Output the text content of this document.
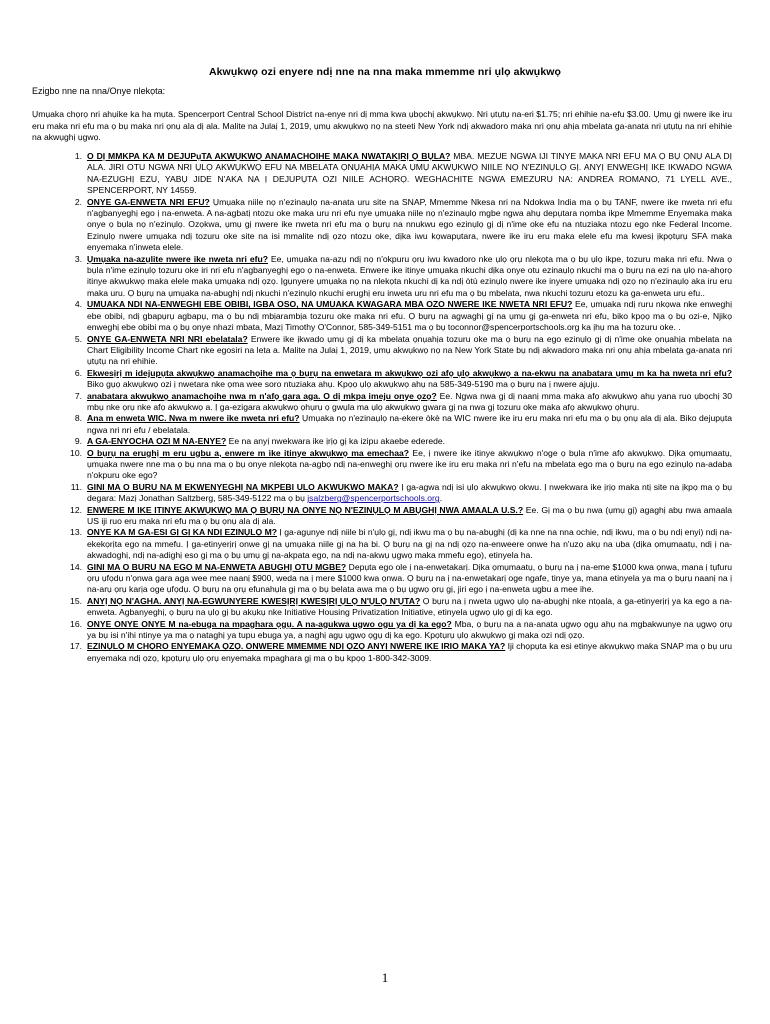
Akwụkwọ ozi enyere ndị nne na nna maka mmemme nri ụlọ akwụkwọ
Ezigbo nne na nna/Onye nlekọta:
Ụmụaka chọrọ nri ahụike ka ha mụta. Spencerport Central School District na-enye nri dị mma kwa ụbọchị akwụkwọ. Nri ụtụtụ na-eri $1.75; nri ehihie na-efu $3.00. Ụmụ gị nwere ike iru eru maka nri efu ma ọ bụ maka nri ọnụ ala dị ala. Malite na Julaị 1, 2019, ụmụ akwụkwọ nọ na steeti New York ndị akwadoro maka nri ọnụ ahịa mbelata ga-anata nri ụtụtụ na nri ehihie na akwụghị ụgwọ.
1. O DỊ MMKPA KA M DEJUPụTA AKWỤKWỌ ANAMACHOIHE MAKA NWATAKỊRỊ Ọ BỤLA? MBA. MEZUE NGWA IJI TINYE MAKA NRI EFU MA Ọ BỤ ỌNỤ ALA DỊ ALA. JIRI OTU NGWA NRI ỤLỌ AKWỤKWỌ EFU NA MBELATA ỌNỤAHỊA MAKA ỤMỤ AKWỤKWỌ NIILE NỌ N'EZINỤLỌ GỊ. ANYỊ ENWEGHỊ IKE IKWADO NGWA NA-EZUGHỊ EZU, YABỤ JIDE N'AKA NA Ị DEJUPỤTA OZI NIILE ACHỌRỌ. WEGHACHITE NGWA EMEZURU NA: ANDREA ROMANO, 71 LYELL AVE., SPENCERPORT, NY 14559.
2. ONYE GA-ENWETA NRI EFU? Ụmụaka niile nọ n'ezinaụlọ na-anata uru site na SNAP, Mmemme Nkesa nri na Ndokwa India ma ọ bụ TANF, nwere ike nweta nri efu n'agbanyeghị ego ị na-enweta. A na-agbatị ntozu oke maka uru nri efu nye ụmụaka niile nọ n'ezinaụlọ mgbe ngwa ahụ depụtara nọmba ikpe Mmemme Enyemaka maka onye ọ bụla nọ n'ezinụlọ. Ozọkwa, ụmụ gị nwere ike nweta nri efu ma ọ bụrụ na nnukwu ego ezinụlọ gị dị n'ime oke efu na ntuziaka ntozu ego nke Federal Income. Ezinụlọ nwere ụmụaka ndị tozuru oke site na isi mmalite ndị ọzọ ntozu oke, dịka iwu kọwapụtara, nwere ike iru eru maka elele efu ma kwesị ịkpọtụrụ SFA maka enyemaka n'inweta elele.
3. Ụmụaka na-azụlite nwere ike nweta nri efu? Ee, ụmụaka na-azụ ndị nọ n'okpuru ọrụ iwu kwadoro nke ụlọ ọrụ nlekọta ma ọ bụ ụlọ ikpe, tozuru maka nri efu. Nwa ọ bụla n'ime ezinụlọ tozuru oke iri nri efu n'agbanyeghị ego ọ na-enweta. Enwere ike itinye ụmụaka nkuchi dịka onye otu ezinaụlọ nkuchi ma ọ bụrụ na ezi na ụlọ na-ahọrọ itinye akwụkwọ maka elele maka ụmụaka ndị ọzọ. Ịgụnyere ụmụaka nọ na nlekọta nkuchi dị ka ndị òtù ezinụlọ nwere ike inyere ụmụaka ndị ọzọ nọ n'ezinaụlọ aka iru eru maka uru. Ọ bụrụ na ụmụaka na-abughị ndị nkuchi n'ezinụlọ nkuchi erughị eru inweta uru nri efu ma ọ bụ mbelata, nwa nkuchi tozuru etozu ka ga-enweta uru efu..
4. UMUAKA NDI NA-ENWEGHỊ EBE OBIBI, IGBA OSO, NA UMUAKA KWAGARA MBA OZO NWERE IKE NWETA NRI EFU? Ee, ụmụaka ndị ruru nkọwa nke enweghị ebe obibi, ndị gbapụrụ agbapụ, ma ọ bụ ndị mbịarambịa tozuru oke maka nri efu. Ọ bụrụ na agwaghị gị na ụmụ gị ga-enweta nri efu, biko kpọọ ma ọ bụ ozi-e, Njikọ enweghị ebe obibi ma ọ bụ onye nhazi mbata, Mazị Timothy O'Connor, 585-349-5151 ma ọ bụ toconnor@spencerportschools.org ka ịhụ ma ha tozuru oke. .
5. ONYE GA-ENWETA NRI NRI ebelatala? Enwere ike ịkwado ụmụ gị dị ka mbelata ọnụahịa tozuru oke ma ọ bụrụ na ego ezinụlọ gị dị n'ime oke ọnụahịa mbelata na Chart Eligibility Income Chart nke egosiri na leta a. Malite na Julaị 1, 2019, ụmụ akwụkwọ nọ na New York State bụ ndị akwadoro maka nri ọnụ ahịa mbelata ga-anata nri ụtụtụ na nri ehihie.
6. Ekwesịrị m idejupụta akwụkwọ anamachọihe ma ọ bụrụ na enwetara m akwụkwọ ozi afọ ụlọ akwụkwọ a na-ekwu na anabatara ụmụ m ka ha nweta nri efu? Biko gụọ akwụkwọ ozi ị nwetara nke ọma wee soro ntuziaka ahụ. Kpọọ ụlọ akwụkwọ ahụ na 585-349-5190 ma ọ bụrụ na ị nwere ajụjụ.
7. anabatara akwụkwọ anamachọihe nwa m n'afọ gara aga. O dị mkpa imeju onye ọzọ? Ee. Ngwa nwa gị dị naanị mma maka afọ akwụkwọ ahụ yana ruo ụbọchị 30 mbụ nke ọrụ nke afọ akwụkwọ a. Ị ga-ezigara akwụkwọ ọhụrụ ọ gwụla ma ụlọ akwụkwọ gwara gị na nwa gị tozuru oke maka afọ akwụkwọ ọhụrụ.
8. Ana m enweta WIC. Nwa m nwere ike nweta nri efu? Ụmụaka nọ n'ezinaụlọ na-ekere òkè na WIC nwere ike iru eru maka nri efu ma ọ bụ ọnụ ala dị ala. Biko dejupụta ngwa nri nri efu / ebelatala.
9. A GA-ENYOCHA OZI M NA-ENYE? Ee na anyị nwekwara ike ịrịọ gị ka izipu akaebe ederede.
10. O bụrụ na erughị m eru ugbu a, enwere m ike itinye akwụkwọ ma emechaa? Ee, ị nwere ike itinye akwụkwọ n'oge ọ bụla n'ime afọ akwụkwọ. Dịka ọmụmaatụ, ụmụaka nwere nne ma ọ bụ nna ma ọ bụ onye nlekọta na-agbọ ndị na-enweghị ọrụ nwere ike iru eru maka nri n'efu na mbelata ego ma ọ bụrụ na ego ezinụlọ na-adaba n'okpuru oke ego?
11. GINI MA O BURU NA M EKWENYEGHỊ NA MKPEBI ULO AKWUKWO MAKA? Ị ga-agwa ndị isi ụlọ akwụkwọ okwu. Ị nwekwara ike ịrịọ maka ntị site na ịkpọ ma ọ bụ degara: Mazị Jonathan Saltzberg, 585-349-5122 ma ọ bụ jsalzberg@spencerportschools.org.
12. ENWERE M IKE ITINYE AKWỤKWỌ MA Ọ BỤRỤ NA ONYE NỌ N'EZINỤLỌ M ABỤGHỊ NWA AMAALA U.S.? Ee. Gị ma ọ bụ nwa (ụmụ gị) agaghị abụ nwa amaala US iji ruo eru maka nri efu ma ọ bụ ọnụ ala dị ala.
13. ONYE KA M GA-ESI GỊ GỊ KA NDỊ EZINỤLỌ M? Ị ga-agụnye ndị niile bi n'ụlọ gị, ndị ikwu ma ọ bụ na-abụghị (dị ka nne na nna ochie, ndị ikwu, ma ọ bụ ndị enyi) ndị na-ekekọrịta ego na mmefu. Ị ga-etinyerịrị onwe gị na ụmụaka niile gị na ha bi. Ọ bụrụ na gị na ndị ọzọ na-enweere onwe ha n'uzọ akụ na uba (dịka ọmụmaatụ, ndị ị na-akwadoghị, ndị na-adighị eso gị ma ọ bụ ụmụ gị na-akpata ego, na ndị na-akwụ ụgwọ maka mmefu ego), etinyela ha.
14. GINI MA O BURU NA EGO M NA-ENWETA ABUGHỊ OTU MGBE? Depụta ego ole ị na-enwetakarị. Dịka ọmụmaatụ, ọ bụrụ na ị na-eme $1000 kwa ọnwa, mana ị tụfuru ọrụ ụfọdụ n'ọnwa gara aga wee mee naanị $900, weda na ị mere $1000 kwa ọnwa. Ọ bụrụ na ị na-enwetakarị oge ngafe, tinye ya, mana etinyela ya ma ọ bụrụ naanị na ị na-arụ ọrụ karịa oge ụfọdụ. Ọ bụrụ na ọrụ efunahụla gị ma ọ bụ belata awa ma ọ bụ ụgwọ ọrụ gị, jiri ego ị na-enweta ugbu a mee ihe.
15. ANYỊ NỌ N'AGHA. ANYỊ NA-EGWUNYERE KWESỊRỊ KWESỊRỊ ỤLỌ N'ỤLỌ N'ỤTA? Ọ bụrụ na ị nweta ụgwọ ụlọ na-abụghị nke ntọala, a ga-etinyerịrị ya ka ego a na-enweta. Agbanyeghị, ọ bụrụ na ụlọ gị bụ akụkụ nke Initiative Housing Privatization Initiative, etinyela ụgwọ ụlọ gị dị ka ego.
16. ONYE ONYE ONYE M na-ebuga na mpaghara ọgụ. A na-agukwa ugwo ogu ya dị ka ego? Mba, ọ bụrụ na a na-anata ụgwọ ọgụ ahụ na mgbakwunye na ụgwọ ọrụ ya bụ isi n'ihi ntinye ya ma ọ nataghị ya tupu ebuga ya, a naghị agụ ụgwọ ọgụ dị ka ego. Kpọtụrụ ụlọ akwụkwọ gị maka ozi ndị ọzọ.
17. EZINỤLỌ M CHỌRO ENYEMAKA ỌZỌ. ONWERE MMEMME NDỊ ỌZỌ ANYỊ NWERE IKE IRIO MAKA YA? Iji chọpụta ka esi etinye akwụkwọ maka SNAP ma ọ bụ uru enyemaka ndị ọzọ, kpọtụrụ ụlọ ọrụ enyemaka mpaghara gị ma ọ bụ kpọọ 1-800-342-3009.
1
